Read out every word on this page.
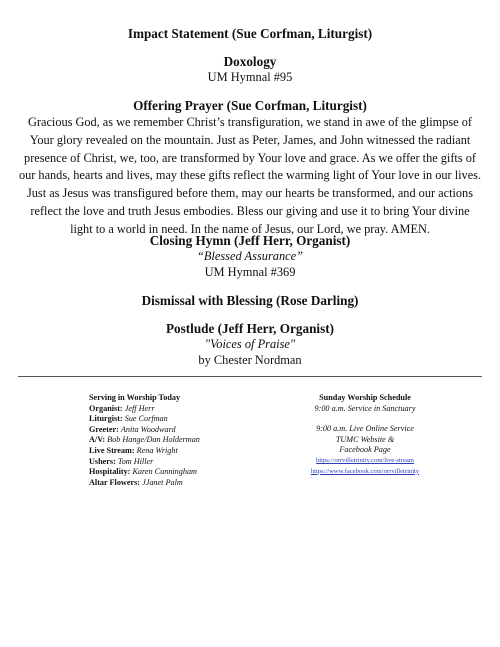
Impact Statement (Sue Corfman, Liturgist)
Doxology
UM Hymnal #95
Offering Prayer (Sue Corfman, Liturgist)
Gracious God, as we remember Christ’s transfiguration, we stand in awe of the glimpse of
Your glory revealed on the mountain. Just as Peter, James, and John witnessed the radiant
presence of Christ, we, too, are transformed by Your love and grace. As we offer the gifts of
our hands, hearts and lives, may these gifts reflect the warming light of Your love in our lives.
Just as Jesus was transfigured before them, may our hearts be transformed, and our actions
reflect the love and truth Jesus embodies. Bless our giving and use it to bring Your divine
light to a world in need. In the name of Jesus, our Lord, we pray. AMEN.
Closing Hymn (Jeff Herr, Organist)
“Blessed Assurance”
UM Hymnal #369
Dismissal with Blessing (Rose Darling)
Postlude (Jeff Herr, Organist)
"Voices of Praise"
by Chester Nordman
Serving in Worship Today
Organist: Jeff Herr
Liturgist: Sue Corfman
Greeter: Anita Woodward
A/V: Bob Hange/Dan Holderman
Live Stream: Rena Wright
Ushers: Tom Hiller
Hospitality: Karen Cunningham
Altar Flowers: JJanet Palm
Sunday Worship Schedule
9:00 a.m. Service in Sanctuary
9:00 a.m. Live Online Service
TUMC Website &
Facebook Page
https://orrvilletrinity.com/live-stream
https://www.facebook.com/orrvilletrinity
